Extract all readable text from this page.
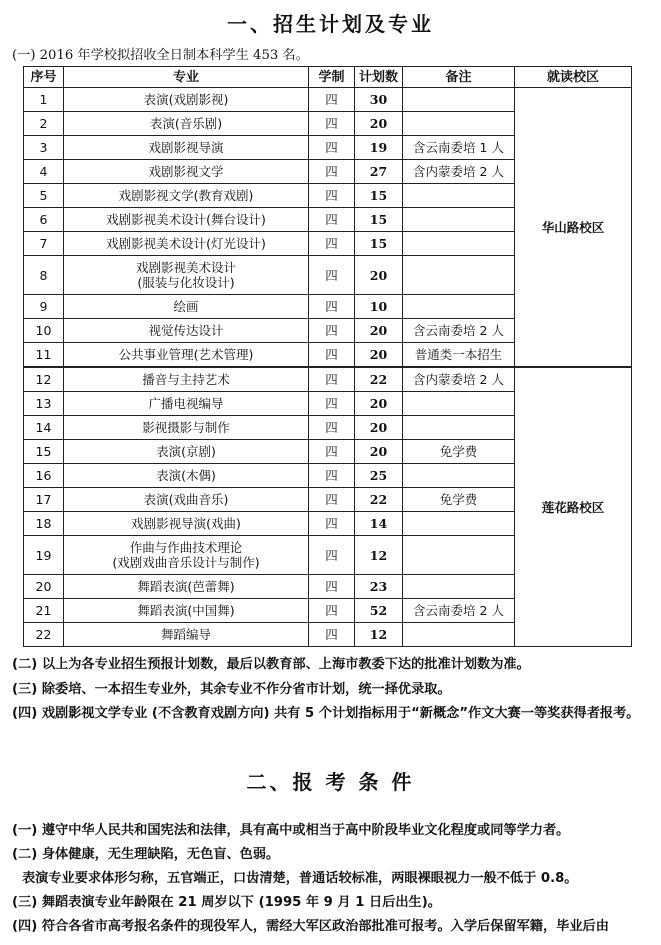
一、招生计划及专业
(一) 2016 年学校拟招收全日制本科学生 453 名。
序号	专业	学制	计划数	备注	就读校区
1	表演(戏剧影视)	四	30		华山路校区
2	表演(音乐剧)	四	20		
3	戏剧影视导演	四	19	含云南委培 1 人	
4	戏剧影视文学	四	27	含内蒙委培 2 人	
5	戏剧影视文学(教育戏剧)	四	15		
6	戏剧影视美术设计(舞台设计)	四	15		
7	戏剧影视美术设计(灯光设计)	四	15		
8	戏剧影视美术设计
(服装与化妆设计)	四	20		
9	绘画	四	10		
10	视觉传达设计	四	20	含云南委培 2 人	
11	公共事业管理(艺术管理)	四	20	普通类一本招生	
12	播音与主持艺术	四	22	含内蒙委培 2 人	莲花路校区
13	广播电视编导	四	20		
14	影视摄影与制作	四	20		
15	表演(京剧)	四	20	免学费	
16	表演(木偶)	四	25		
17	表演(戏曲音乐)	四	22	免学费	
18	戏剧影视导演(戏曲)	四	14		
19	作曲与作曲技术理论
(戏剧戏曲音乐设计与制作)	四	12		
20	舞蹈表演(芭蕾舞)	四	23		
21	舞蹈表演(中国舞)	四	52	含云南委培 2 人	
22	舞蹈编导	四	12		
(二) 以上为各专业招生预报计划数，最后以教育部、上海市教委下达的批准计划数为准。
(三) 除委培、一本招生专业外，其余专业不作分省市计划，统一择优录取。
(四) 戏剧影视文学专业 (不含教育戏剧方向) 共有 5 个计划指标用于“新概念”作文大赛一等奖获得者报考。
二、报 考 条 件
(一) 遵守中华人民共和国宪法和法律，具有高中或相当于高中阶段毕业文化程度或同等学力者。
(二) 身体健康，无生理缺陷，无色盲、色弱。
表演专业要求体形匀称，五官端正，口齿清楚，普通话较标准，两眼裸眼视力一般不低于 0.8。
(三) 舞蹈表演专业年龄限在 21 周岁以下 (1995 年 9 月 1 日后出生)。
(四) 符合各省市高考报名条件的现役军人，需经大军区政治部批准可报考。入学后保留军籍，毕业后由
